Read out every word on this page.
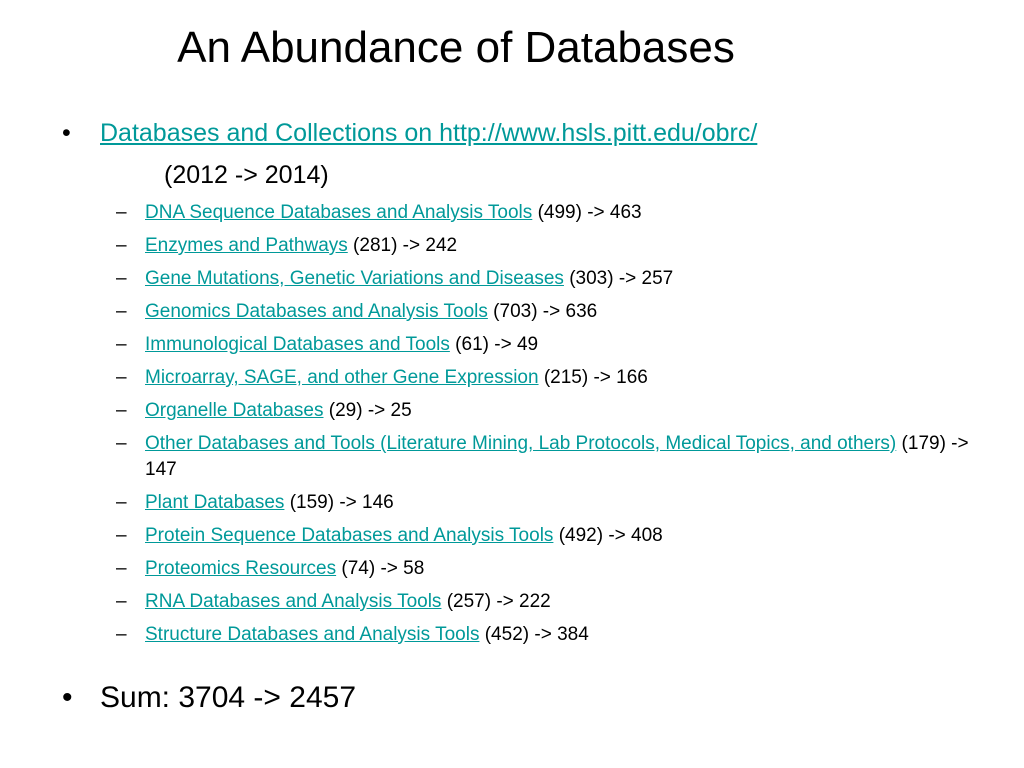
An Abundance of Databases
• Databases and Collections on http://www.hsls.pitt.edu/obrc/
(2012 -> 2014)
– DNA Sequence Databases and Analysis Tools (499) -> 463
– Enzymes and Pathways (281) -> 242
– Gene Mutations, Genetic Variations and Diseases (303) -> 257
– Genomics Databases and Analysis Tools (703) -> 636
– Immunological Databases and Tools (61) -> 49
– Microarray, SAGE, and other Gene Expression (215) -> 166
– Organelle Databases (29) -> 25
– Other Databases and Tools (Literature Mining, Lab Protocols, Medical Topics, and others) (179) -> 147
– Plant Databases (159) -> 146
– Protein Sequence Databases and Analysis Tools (492) -> 408
– Proteomics Resources (74) -> 58
– RNA Databases and Analysis Tools (257) -> 222
– Structure Databases and Analysis Tools (452) -> 384
• Sum: 3704 -> 2457
